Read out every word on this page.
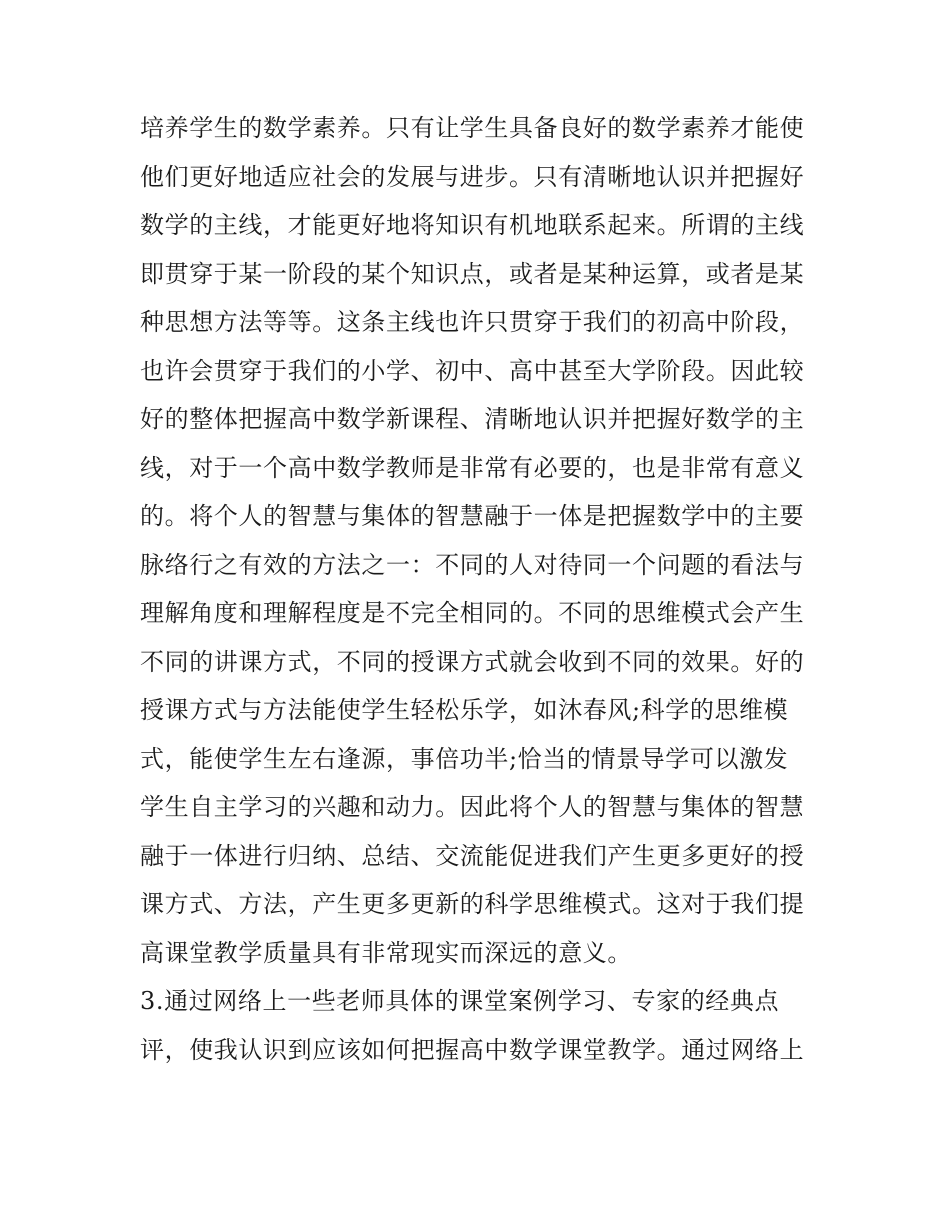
培养学生的数学素养。只有让学生具备良好的数学素养才能使
他们更好地适应社会的发展与进步。只有清晰地认识并把握好
数学的主线，才能更好地将知识有机地联系起来。所谓的主线
即贯穿于某一阶段的某个知识点，或者是某种运算，或者是某
种思想方法等等。这条主线也许只贯穿于我们的初高中阶段，
也许会贯穿于我们的小学、初中、高中甚至大学阶段。因此较
好的整体把握高中数学新课程、清晰地认识并把握好数学的主
线，对于一个高中数学教师是非常有必要的，也是非常有意义
的。将个人的智慧与集体的智慧融于一体是把握数学中的主要
脉络行之有效的方法之一：不同的人对待同一个问题的看法与
理解角度和理解程度是不完全相同的。不同的思维模式会产生
不同的讲课方式，不同的授课方式就会收到不同的效果。好的
授课方式与方法能使学生轻松乐学，如沐春风;科学的思维模
式，能使学生左右逢源，事倍功半;恰当的情景导学可以激发
学生自主学习的兴趣和动力。因此将个人的智慧与集体的智慧
融于一体进行归纳、总结、交流能促进我们产生更多更好的授
课方式、方法，产生更多更新的科学思维模式。这对于我们提
高课堂教学质量具有非常现实而深远的意义。
3.通过网络上一些老师具体的课堂案例学习、专家的经典点
评，使我认识到应该如何把握高中数学课堂教学。通过网络上
